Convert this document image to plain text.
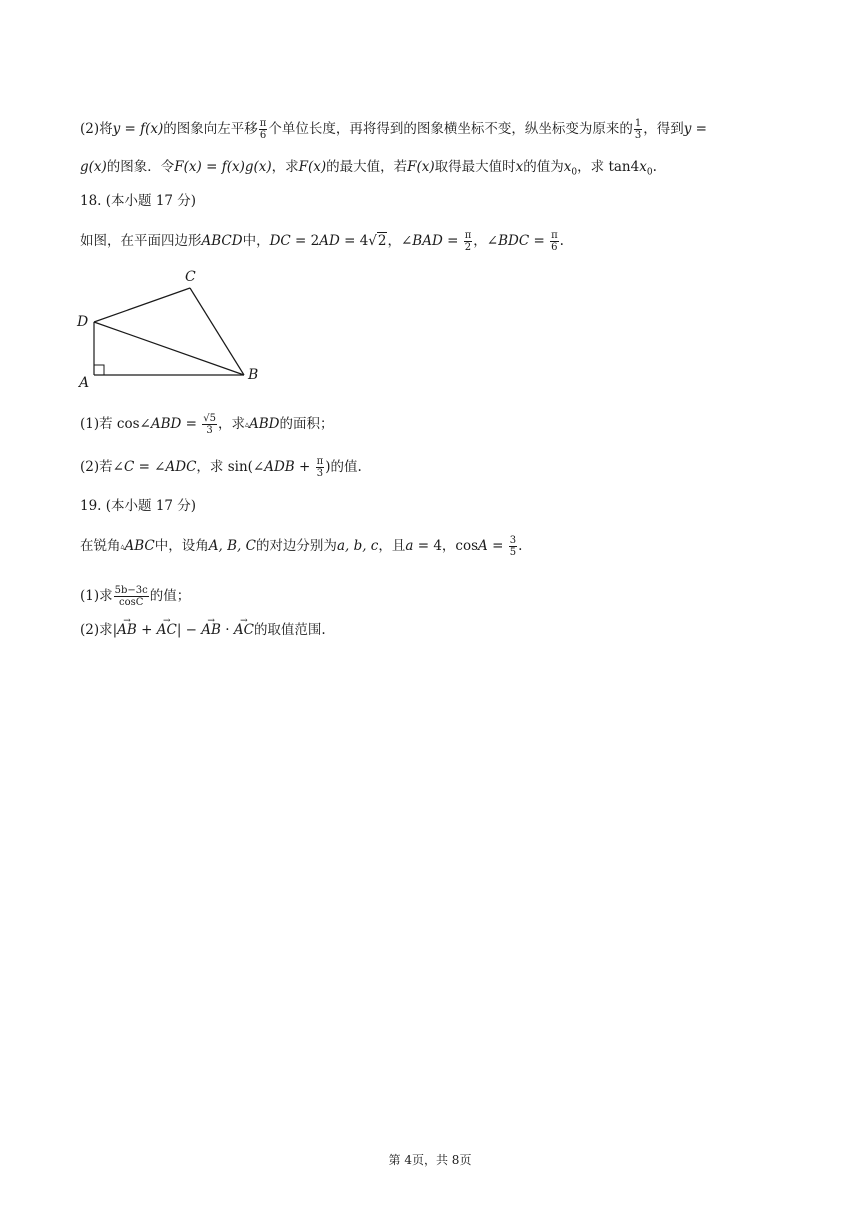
(2)将y = f(x)的图象向左平移 $\frac{\pi}{6}$ 个单位长度，再将得到的图象横坐标不变，纵坐标变为原来的 $\frac{1}{3}$ ，得到y =
g(x)的图象．令F(x) = f(x)g(x)，求F(x)的最大值，若F(x)取得最大值时x的值为$x_0$，求 $\tan 4x_0$.
18. (本小题 17 分)
如图，在平面四边形ABCD中，DC = 2AD = 4√2，∠BAD = $\frac{\pi}{2}$ ，∠BDC = $\frac{\pi}{6}$ .
C
D
A	B
(1)若 cos∠ABD = $\frac{√5}{3}$ ，求▵ABD的面积；
(2)若∠C = ∠ADC，求 sin(∠ADB + $\frac{\pi}{3}$ )的值.
19. (本小题 17 分)
在锐角▵ABC中，设角A, B, C的对边分别为a, b, c，且a = 4，$\cos A = \frac{3}{5}$ .
(1)求 $\frac{5b-3c}{\cos C}$ 的值；
(2)求|→ AB + → AC| − → AB · → AC的取值范围.
第 4页，共 8页
